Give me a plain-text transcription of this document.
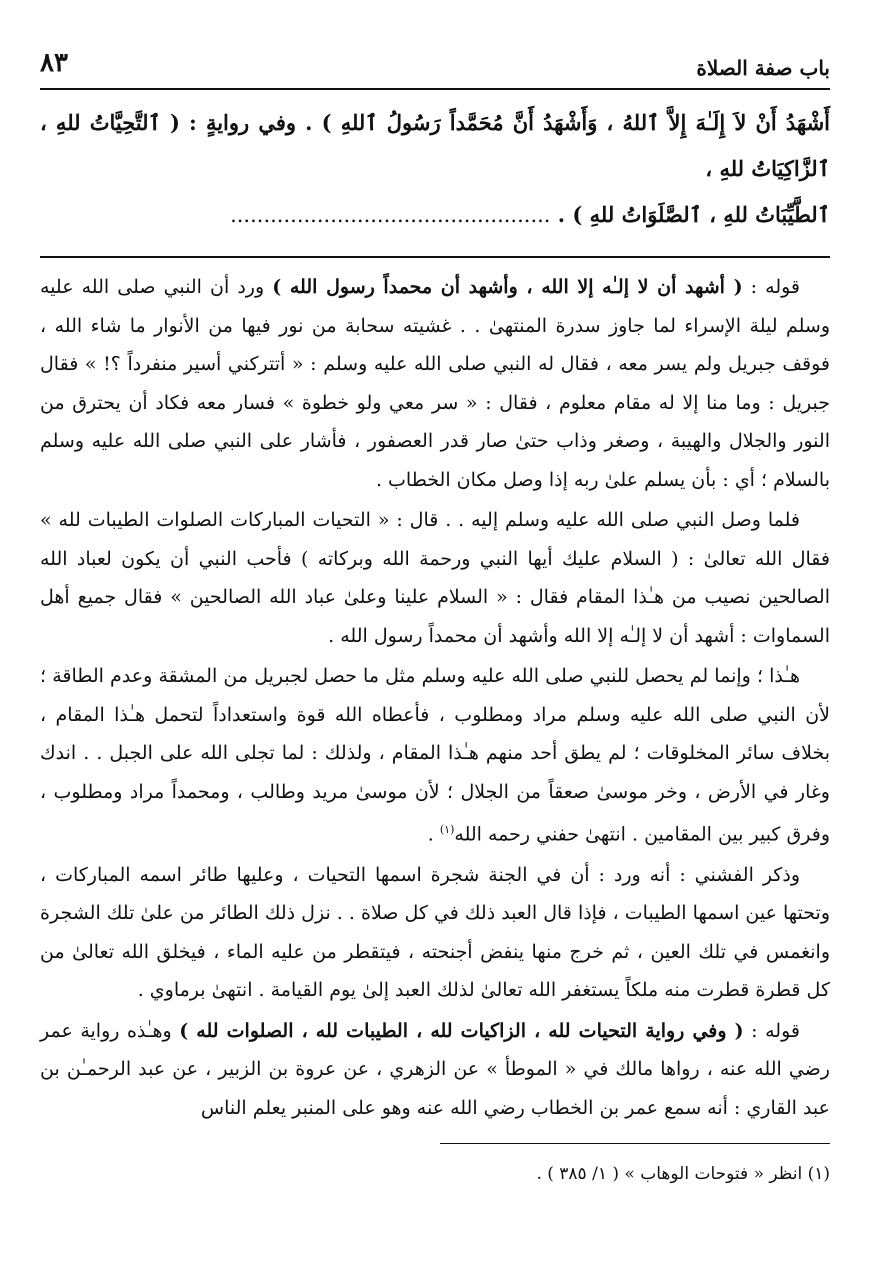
باب صفة الصلاة
٨٣
أَشْهَدُ أَنْ لاَ إِلَـٰهَ إِلاَّ ٱللهُ ، وَأَشْهَدُ أَنَّ مُحَمَّداً رَسُولُ ٱللهِ ) . وفي روايةٍ : ( ٱلتَّحِيَّاتُ للهِ ، ٱلزَّاكِيَاتُ للهِ ،
ٱلطَّيِّبَاتُ للهِ ، ٱلصَّلَوَاتُ للهِ ) . ................................................

قوله : ( أشهد أن لا إلـٰه إلا الله ، وأشهد أن محمداً رسول الله ) ورد أن النبي صلى الله عليه وسلم ليلة الإسراء لما جاوز سدرة المنتهىٰ . . غشيته سحابة من نور فيها من الأنوار ما شاء الله ، فوقف جبريل ولم يسر معه ، فقال له النبي صلى الله عليه وسلم : « أتتركني أسير منفرداً ؟! » فقال جبريل : وما منا إلا له مقام معلوم ، فقال : « سر معي ولو خطوة » فسار معه فكاد أن يحترق من النور والجلال والهيبة ، وصغر وذاب حتىٰ صار قدر العصفور ، فأشار على النبي صلى الله عليه وسلم بالسلام ؛ أي : بأن يسلم علىٰ ربه إذا وصل مكان الخطاب .

فلما وصل النبي صلى الله عليه وسلم إليه . . قال : « التحيات المباركات الصلوات الطيبات لله » فقال الله تعالىٰ : ( السلام عليك أيها النبي ورحمة الله وبركاته ) فأحب النبي أن يكون لعباد الله الصالحين نصيب من هـٰذا المقام فقال : « السلام علينا وعلىٰ عباد الله الصالحين » فقال جميع أهل السماوات : أشهد أن لا إلـٰه إلا الله وأشهد أن محمداً رسول الله .

هـٰذا ؛ وإنما لم يحصل للنبي صلى الله عليه وسلم مثل ما حصل لجبريل من المشقة وعدم الطاقة ؛ لأن النبي صلى الله عليه وسلم مراد ومطلوب ، فأعطاه الله قوة واستعداداً لتحمل هـٰذا المقام ، بخلاف سائر المخلوقات ؛ لم يطق أحد منهم هـٰذا المقام ، ولذلك : لما تجلى الله على الجبل . . اندك وغار في الأرض ، وخر موسىٰ صعقاً من الجلال ؛ لأن موسىٰ مريد وطالب ، ومحمداً مراد ومطلوب ، وفرق كبير بين المقامين . انتهىٰ حفني رحمه الله$^{(١)}$ .

وذكر الفشني : أنه ورد : أن في الجنة شجرة اسمها التحيات ، وعليها طائر اسمه المباركات ، وتحتها عين اسمها الطيبات ، فإذا قال العبد ذلك في كل صلاة . . نزل ذلك الطائر من علىٰ تلك الشجرة وانغمس في تلك العين ، ثم خرج منها ينفض أجنحته ، فيتقطر من عليه الماء ، فيخلق الله تعالىٰ من كل قطرة قطرت منه ملكاً يستغفر الله تعالىٰ لذلك العبد إلىٰ يوم القيامة . انتهىٰ برماوي .

قوله : ( وفي رواية التحيات لله ، الزاكيات لله ، الطيبات لله ، الصلوات لله ) وهـٰذه رواية عمر رضي الله عنه ، رواها مالك في « الموطأ » عن الزهري ، عن عروة بن الزبير ، عن عبد الرحمـٰن بن عبد القاري : أنه سمع عمر بن الخطاب رضي الله عنه وهو على المنبر يعلم الناس

(١) انظر « فتوحات الوهاب » ( ١/ ٣٨٥ ) .
